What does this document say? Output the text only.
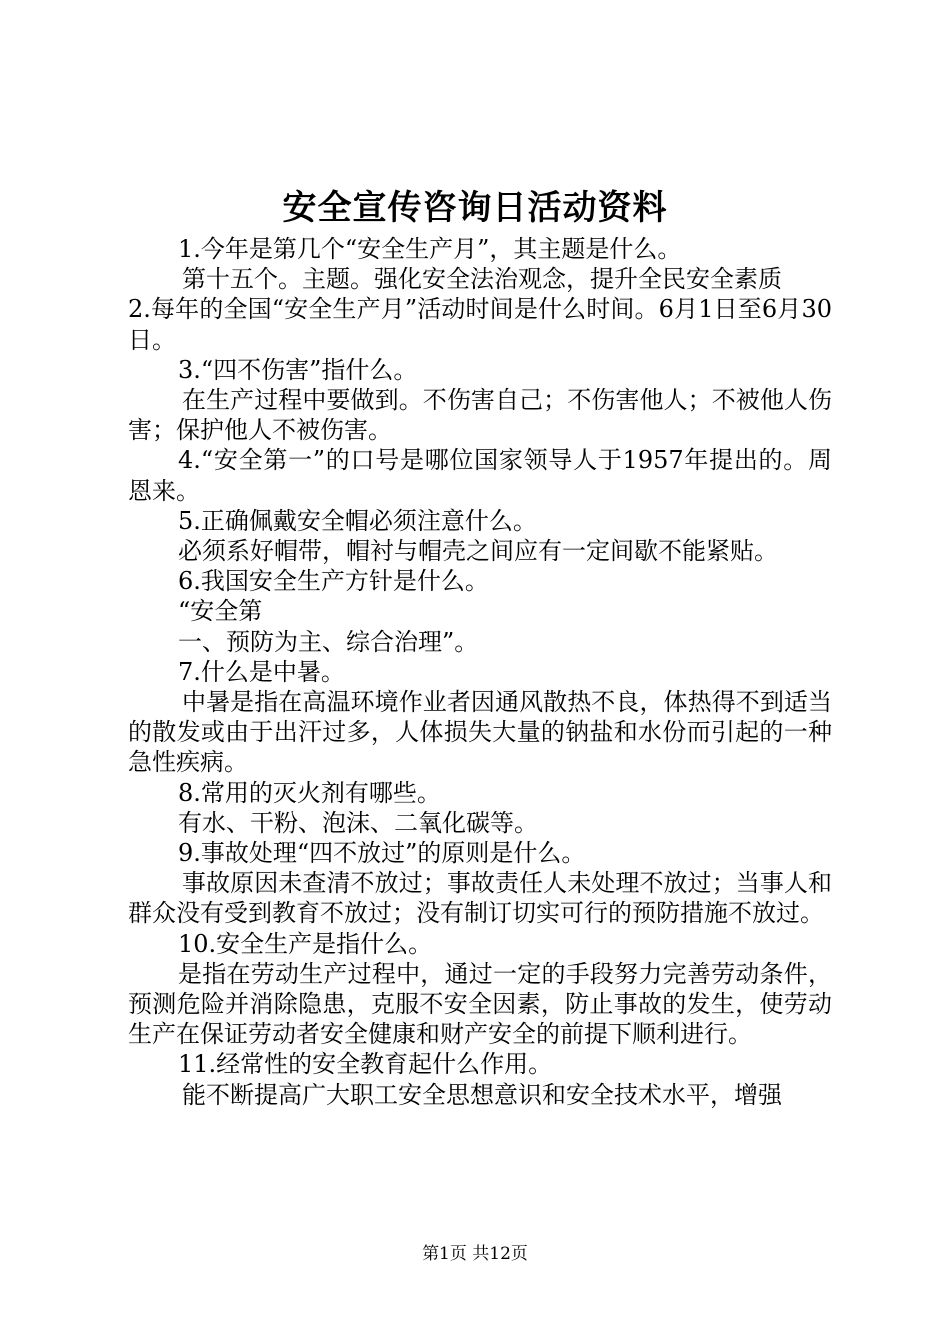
安全宣传咨询日活动资料

1.今年是第几个“安全生产月”，其主题是什么。

第十五个。主题。强化安全法治观念，提升全民安全素质

2.每年的全国“安全生产月”活动时间是什么时间。6月1日至6月30日。

3.“四不伤害”指什么。

在生产过程中要做到。不伤害自己；不伤害他人；不被他人伤害；保护他人不被伤害。

4.“安全第一”的口号是哪位国家领导人于1957年提出的。周恩来。

5.正确佩戴安全帽必须注意什么。

必须系好帽带，帽衬与帽壳之间应有一定间歇不能紧贴。

6.我国安全生产方针是什么。

“安全第

一、预防为主、综合治理”。

7.什么是中暑。

中暑是指在高温环境作业者因通风散热不良，体热得不到适当的散发或由于出汗过多，人体损失大量的钠盐和水份而引起的一种急性疾病。

8.常用的灭火剂有哪些。

有水、干粉、泡沫、二氧化碳等。

9.事故处理“四不放过”的原则是什么。

事故原因未查清不放过；事故责任人未处理不放过；当事人和群众没有受到教育不放过；没有制订切实可行的预防措施不放过。

10.安全生产是指什么。

是指在劳动生产过程中，通过一定的手段努力完善劳动条件，预测危险并消除隐患，克服不安全因素，防止事故的发生，使劳动生产在保证劳动者安全健康和财产安全的前提下顺利进行。

11.经常性的安全教育起什么作用。

能不断提高广大职工安全思想意识和安全技术水平，增强

第1页 共12页
